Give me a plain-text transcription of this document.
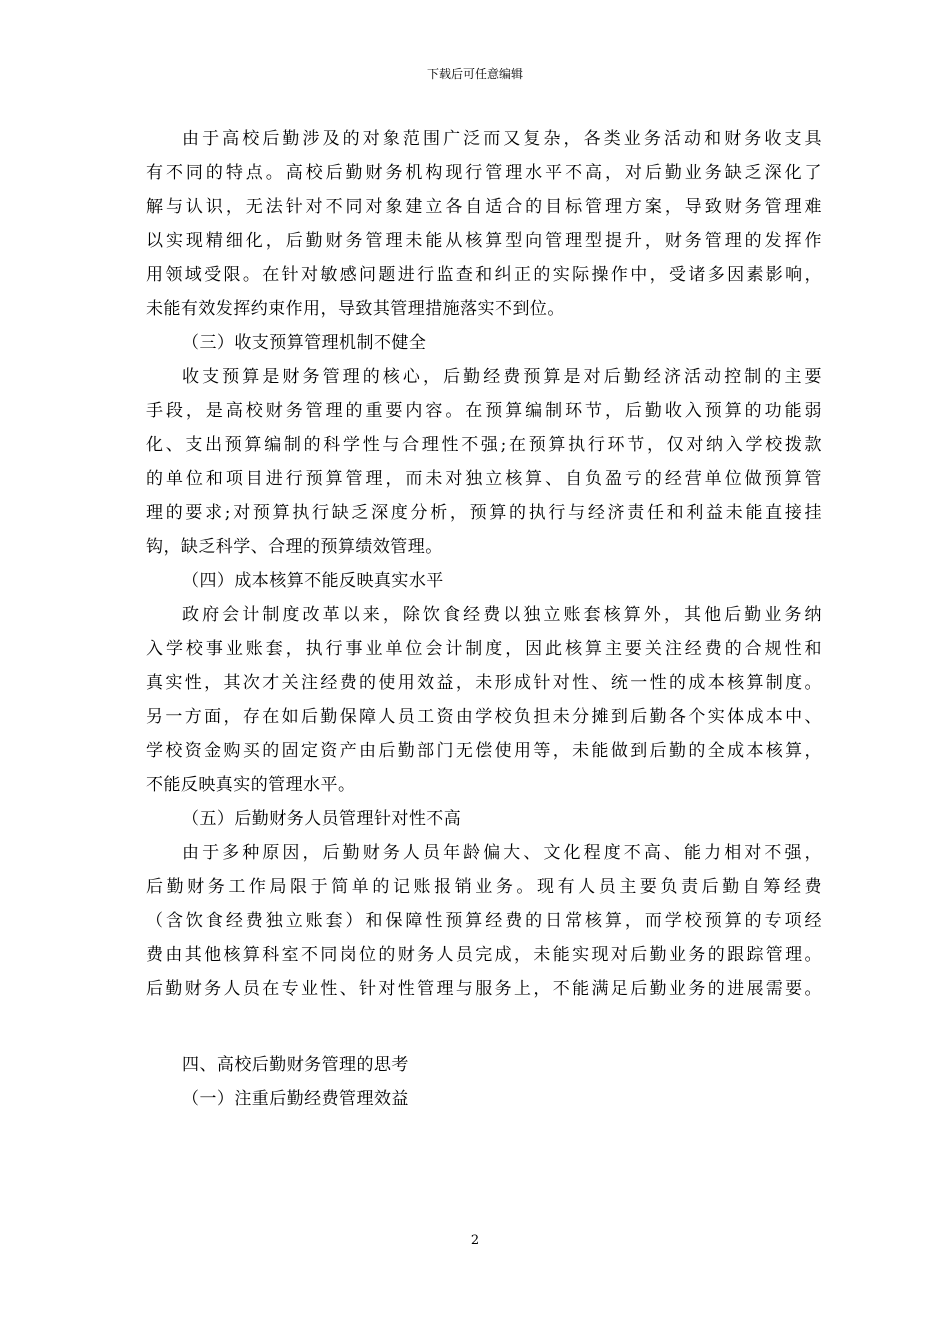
下载后可任意编辑
由于高校后勤涉及的对象范围广泛而又复杂，各类业务活动和财务收支具
有不同的特点。高校后勤财务机构现行管理水平不高，对后勤业务缺乏深化了
解与认识，无法针对不同对象建立各自适合的目标管理方案，导致财务管理难
以实现精细化，后勤财务管理未能从核算型向管理型提升，财务管理的发挥作
用领域受限。在针对敏感问题进行监查和纠正的实际操作中，受诸多因素影响，
未能有效发挥约束作用，导致其管理措施落实不到位。
（三）收支预算管理机制不健全
收支预算是财务管理的核心，后勤经费预算是对后勤经济活动控制的主要
手段，是高校财务管理的重要内容。在预算编制环节，后勤收入预算的功能弱
化、支出预算编制的科学性与合理性不强;在预算执行环节，仅对纳入学校拨款
的单位和项目进行预算管理，而未对独立核算、自负盈亏的经营单位做预算管
理的要求;对预算执行缺乏深度分析，预算的执行与经济责任和利益未能直接挂
钩，缺乏科学、合理的预算绩效管理。
（四）成本核算不能反映真实水平
政府会计制度改革以来，除饮食经费以独立账套核算外，其他后勤业务纳
入学校事业账套，执行事业单位会计制度，因此核算主要关注经费的合规性和
真实性，其次才关注经费的使用效益，未形成针对性、统一性的成本核算制度。
另一方面，存在如后勤保障人员工资由学校负担未分摊到后勤各个实体成本中、
学校资金购买的固定资产由后勤部门无偿使用等，未能做到后勤的全成本核算，
不能反映真实的管理水平。
（五）后勤财务人员管理针对性不高
由于多种原因，后勤财务人员年龄偏大、文化程度不高、能力相对不强，
后勤财务工作局限于简单的记账报销业务。现有人员主要负责后勤自筹经费
（含饮食经费独立账套）和保障性预算经费的日常核算，而学校预算的专项经
费由其他核算科室不同岗位的财务人员完成，未能实现对后勤业务的跟踪管理。
后勤财务人员在专业性、针对性管理与服务上，不能满足后勤业务的进展需要。
四、高校后勤财务管理的思考
（一）注重后勤经费管理效益
2
